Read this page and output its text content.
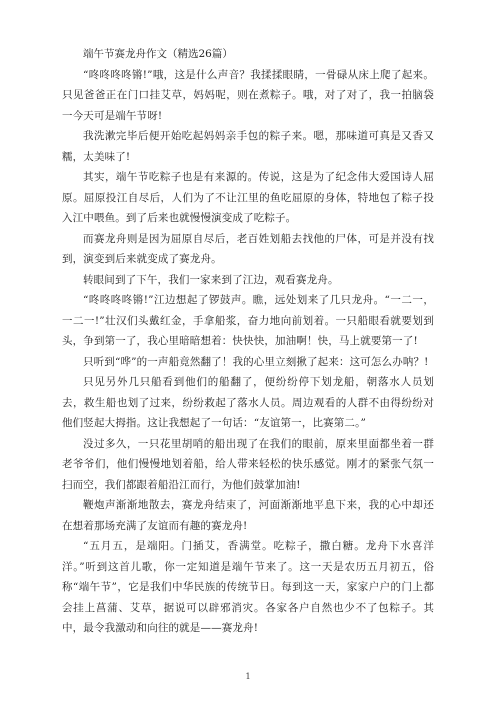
端午节赛龙舟作文（精选26篇）

“咚咚咚咚锵!”哦，这是什么声音？我揉揉眼睛，一骨碌从床上爬了起来。只见爸爸正在门口挂艾草，妈妈呢，则在煮粽子。哦，对了对了，我一拍脑袋一今天可是端午节呀!

我洗漱完毕后便开始吃起妈妈亲手包的粽子来。嗯，那味道可真是又香又糯，太美味了!

其实，端午节吃粽子也是有来源的。传说，这是为了纪念伟大爱国诗人屈原。屈原投江自尽后，人们为了不让江里的鱼吃屈原的身体，特地包了粽子投入江中喂鱼。到了后来也就慢慢演变成了吃粽子。

而赛龙舟则是因为屈原自尽后，老百姓划船去找他的尸体，可是并没有找到，演变到后来就变成了赛龙舟。

转眼间到了下午，我们一家来到了江边，观看赛龙舟。

“咚咚咚咚锵!”江边想起了锣鼓声。瞧，远处划来了几只龙舟。“一二一，一二一!”壮汉们头戴红金，手拿船浆，奋力地向前划着。一只船眼看就要划到头，争到第一了，我心里暗暗想着：快快快，加油啊！快，马上就要第一了!

只听到“哗”的一声船竟然翻了！我的心里立刻揪了起来：这可怎么办呐？!

只见另外几只船看到他们的船翻了，便纷纷停下划龙船，朝落水人员划去，救生船也划了过来，纷纷救起了落水人员。周边观看的人群不由得纷纷对他们竖起大拇指。这让我想起了一句话：“友谊第一，比赛第二。”

没过多久，一只花里胡哨的船出现了在我们的眼前，原来里面都坐着一群老爷爷们，他们慢慢地划着船，给人带来轻松的快乐感觉。刚才的紧张气氛一扫而空，我们都跟着船沿江而行，为他们鼓掌加油!

鞭炮声渐渐地散去，赛龙舟结束了，河面渐渐地平息下来，我的心中却还在想着那场充满了友谊而有趣的赛龙舟!

“五月五，是端阳。门插艾，香满堂。吃粽子，撒白糖。龙舟下水喜洋洋。”听到这首儿歌，你一定知道是端午节来了。这一天是农历五月初五，俗称“端午节”，它是我们中华民族的传统节日。每到这一天，家家户户的门上都会挂上菖蒲、艾草，据说可以辟邪消灾。各家各户自然也少不了包粽子。其中，最令我激动和向往的就是——赛龙舟!

1
